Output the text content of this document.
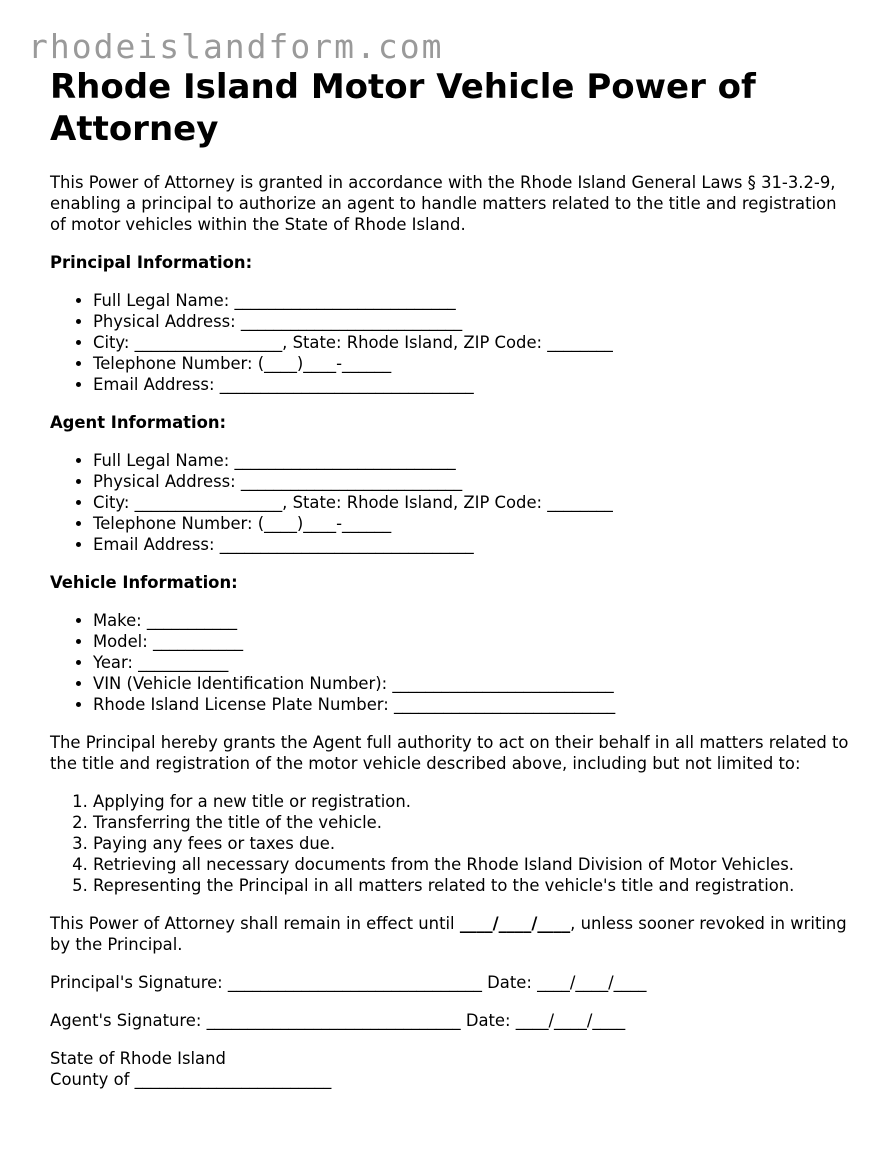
rhodeislandform.com
Rhode Island Motor Vehicle Power of Attorney

This Power of Attorney is granted in accordance with the Rhode Island General Laws § 31-3.2-9, enabling a principal to authorize an agent to handle matters related to the title and registration of motor vehicles within the State of Rhode Island.

Principal Information:
• Full Legal Name: ___________________________
• Physical Address: ___________________________
• City: __________________, State: Rhode Island, ZIP Code: ________
• Telephone Number: (____)____-______
• Email Address: _______________________________
Agent Information:
• Full Legal Name: ___________________________
• Physical Address: ___________________________
• City: __________________, State: Rhode Island, ZIP Code: ________
• Telephone Number: (____)____-______
• Email Address: _______________________________
Vehicle Information:
• Make: ___________
• Model: ___________
• Year: ___________
• VIN (Vehicle Identification Number): ___________________________
• Rhode Island License Plate Number: ___________________________

The Principal hereby grants the Agent full authority to act on their behalf in all matters related to the title and registration of the motor vehicle described above, including but not limited to:

1. Applying for a new title or registration.
2. Transferring the title of the vehicle.
3. Paying any fees or taxes due.
4. Retrieving all necessary documents from the Rhode Island Division of Motor Vehicles.
5. Representing the Principal in all matters related to the vehicle's title and registration.

This Power of Attorney shall remain in effect until ____/____/____, unless sooner revoked in writing by the Principal.

Principal's Signature: _______________________________ Date: ____/____/____

Agent's Signature: _______________________________ Date: ____/____/____

State of Rhode Island
County of ________________________
